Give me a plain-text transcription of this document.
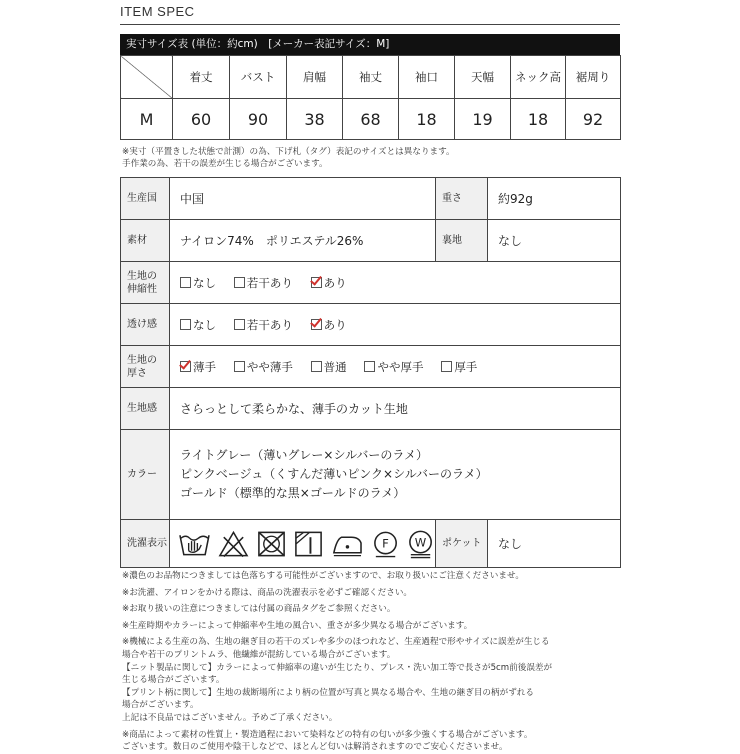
ITEM SPEC
実寸サイズ表 (単位：約cm)　[メーカー表記サイズ：M]
	着丈	バスト	肩幅	袖丈	袖口	天幅	ネック高	裾周り
M	60	90	38	68	18	19	18	92
※実寸（平置きした状態で計測）の為、下げ札（タグ）表記のサイズとは異なります。
手作業の為、若干の誤差が生じる場合がございます。
生産国	中国	重さ	約92g
素材	ナイロン74%　ポリエステル26%	裏地	なし

生地の
伸縮性	なし 若干あり あり		
透け感	なし 若干あり あり		

生地の
厚さ	薄手 やや薄手 普通 やや厚手 厚手		
生地感	さらっとして柔らかな、薄手のカット生地		
カラー	ライトグレー（薄いグレー×シルバーのラメ）
ピンクベージュ（くすんだ薄いピンク×シルバーのラメ）
ゴールド（標準的な黒×ゴールドのラメ）		

洗濯表示	F W	ポケット	なし

※濃色のお品物につきましては色落ちする可能性がございますので、お取り扱いにご注意くださいませ。

※お洗濯、アイロンをかける際は、商品の洗濯表示を必ずご確認ください。

※お取り扱いの注意につきましては付属の商品タグをご参照ください。

※生産時期やカラーによって伸縮率や生地の風合い、重さが多少異なる場合がございます。

※機械による生産の為、生地の継ぎ目の若干のズレや多少のほつれなど、生産過程で形やサイズに誤差が生じる

場合や若干のプリントムラ、他繊維が混紡している場合がございます。

【ニット製品に関して】カラーによって伸縮率の違いが生じたり、プレス・洗い加工等で長さが5cm前後誤差が

生じる場合がございます。

【プリント柄に関して】生地の裁断場所により柄の位置が写真と異なる場合や、生地の継ぎ目の柄がずれる

場合がございます。

上記は不良品ではございません。予めご了承ください。

※商品によって素材の性質上・製造過程において染料などの特有の匂いが多少強くする場合がございます。

ございます。数日のご使用や陰干しなどで、ほとんど匂いは解消されますのでご安心くださいませ。
